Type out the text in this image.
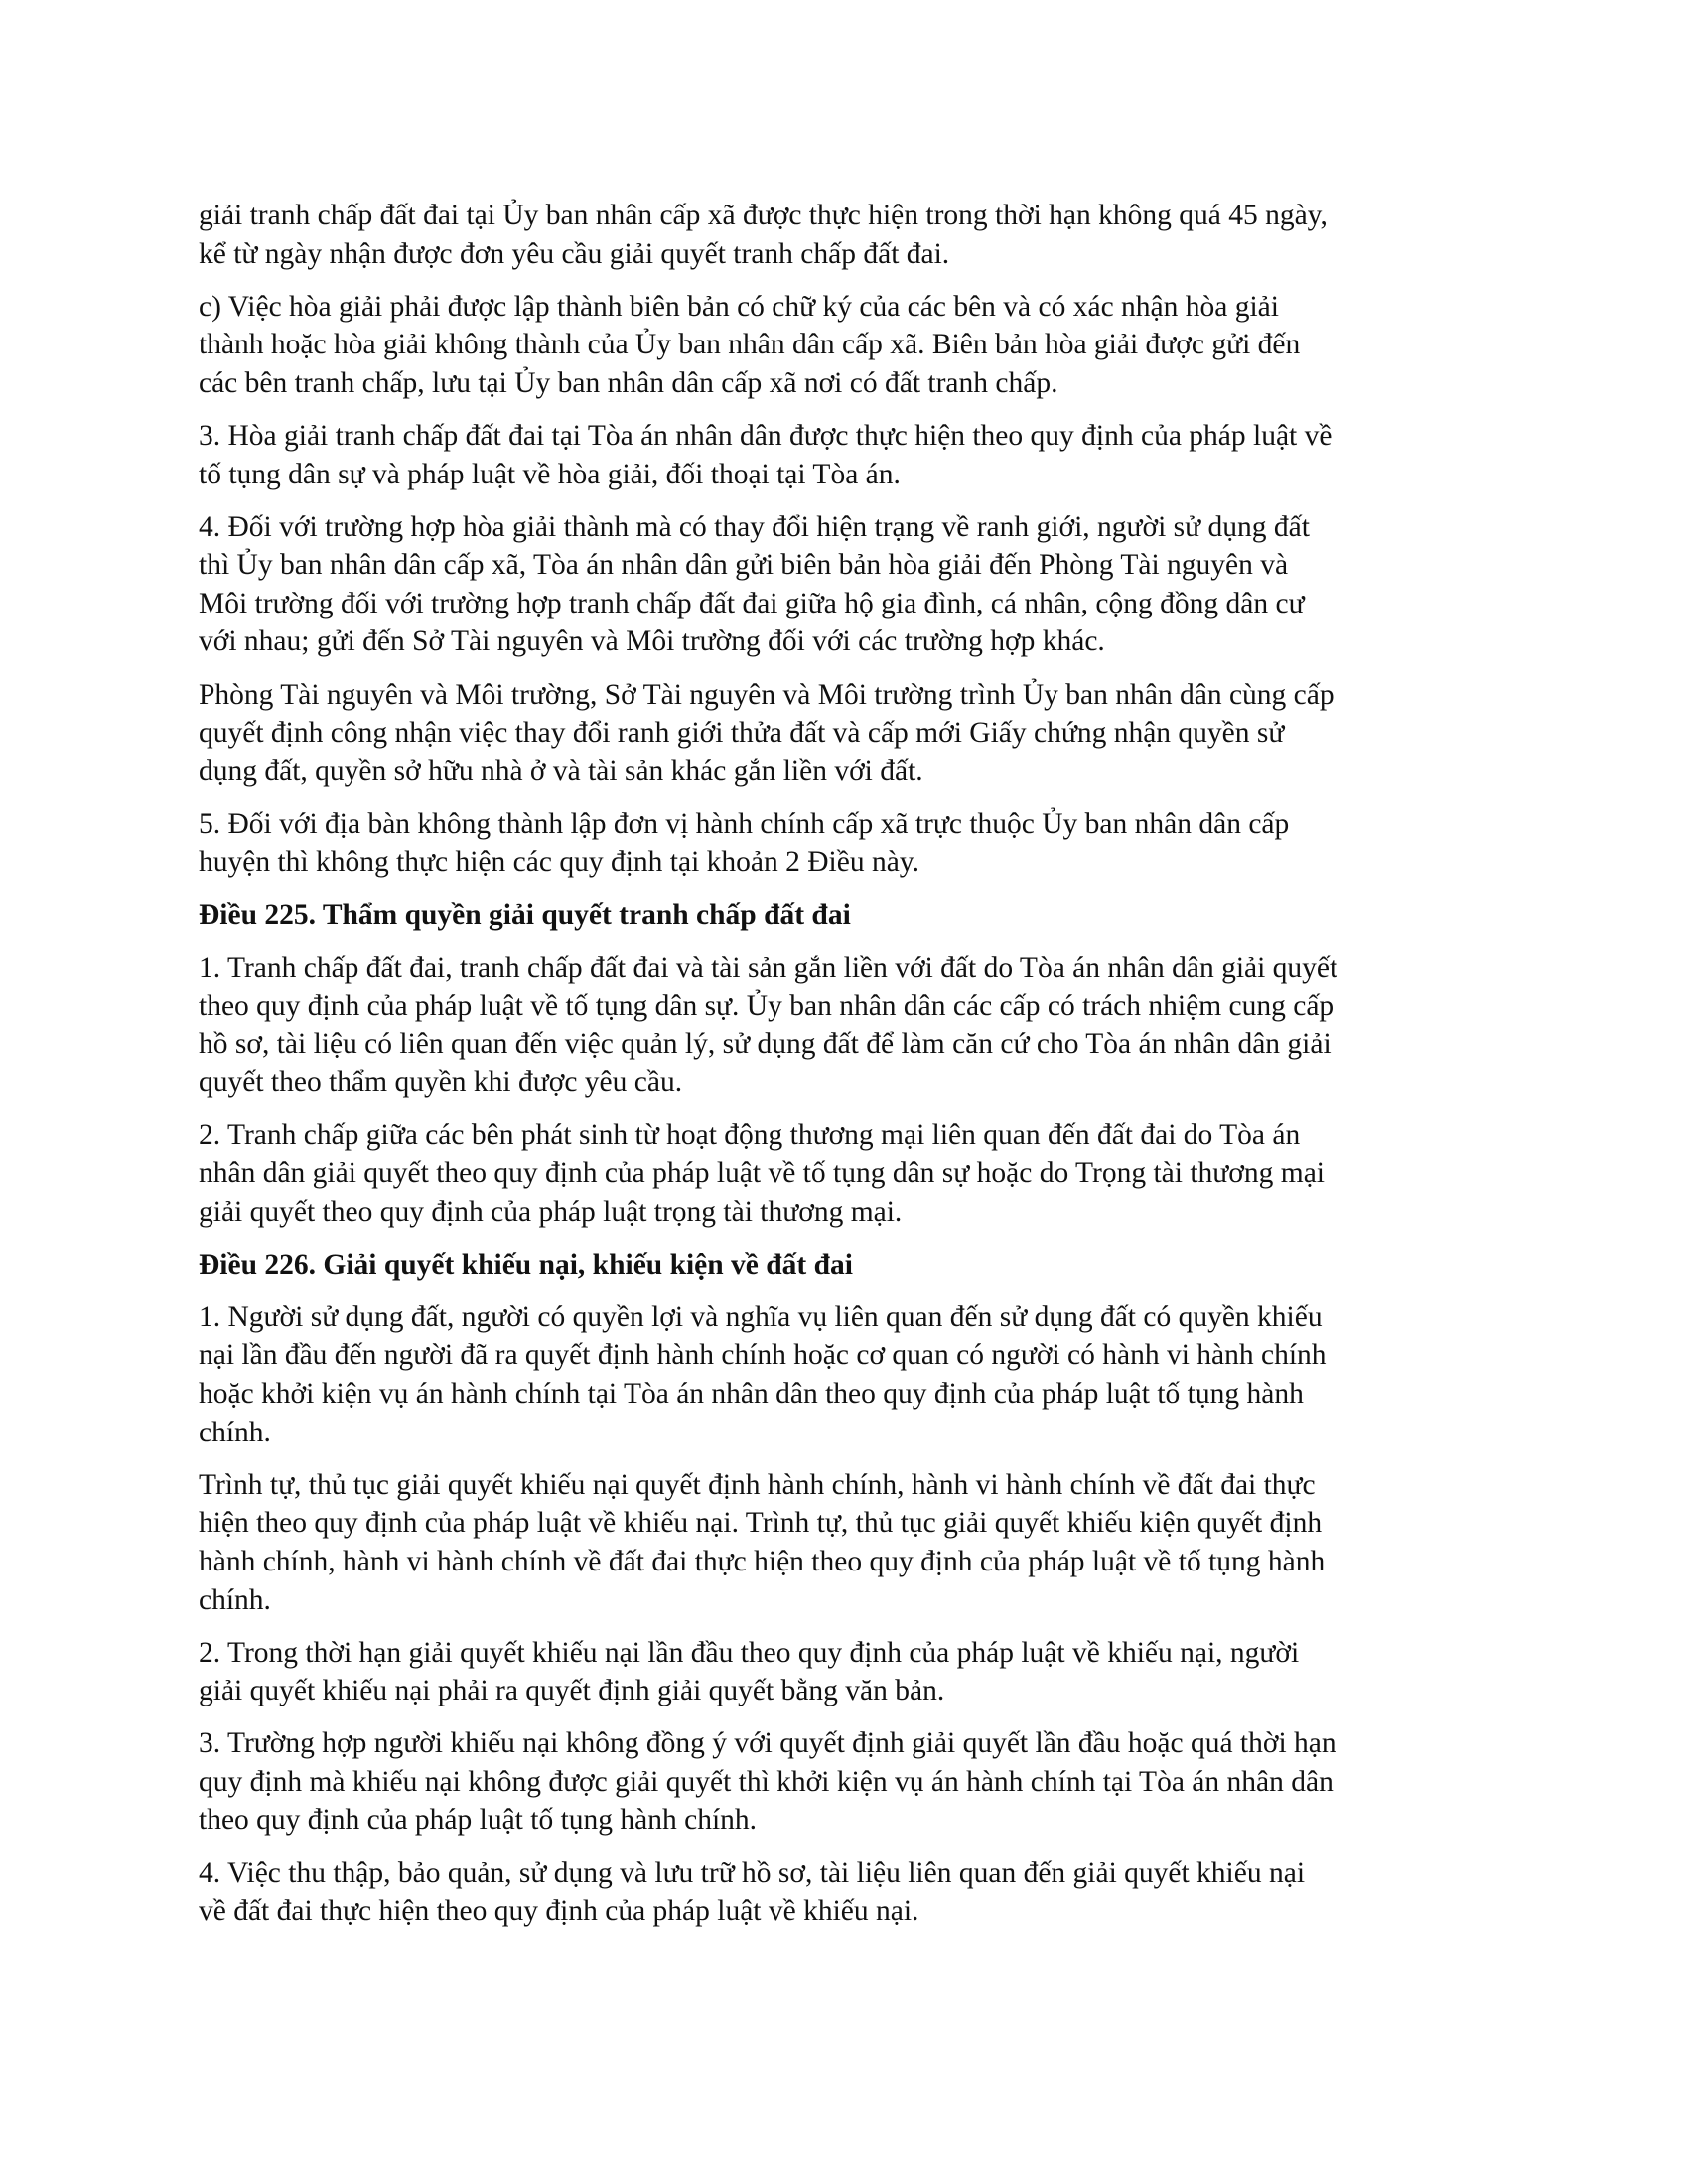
giải tranh chấp đất đai tại Ủy ban nhân cấp xã được thực hiện trong thời hạn không quá 45 ngày,
kể từ ngày nhận được đơn yêu cầu giải quyết tranh chấp đất đai.
c) Việc hòa giải phải được lập thành biên bản có chữ ký của các bên và có xác nhận hòa giải
thành hoặc hòa giải không thành của Ủy ban nhân dân cấp xã. Biên bản hòa giải được gửi đến
các bên tranh chấp, lưu tại Ủy ban nhân dân cấp xã nơi có đất tranh chấp.
3. Hòa giải tranh chấp đất đai tại Tòa án nhân dân được thực hiện theo quy định của pháp luật về
tố tụng dân sự và pháp luật về hòa giải, đối thoại tại Tòa án.
4. Đối với trường hợp hòa giải thành mà có thay đổi hiện trạng về ranh giới, người sử dụng đất
thì Ủy ban nhân dân cấp xã, Tòa án nhân dân gửi biên bản hòa giải đến Phòng Tài nguyên và
Môi trường đối với trường hợp tranh chấp đất đai giữa hộ gia đình, cá nhân, cộng đồng dân cư
với nhau; gửi đến Sở Tài nguyên và Môi trường đối với các trường hợp khác.
Phòng Tài nguyên và Môi trường, Sở Tài nguyên và Môi trường trình Ủy ban nhân dân cùng cấp
quyết định công nhận việc thay đổi ranh giới thửa đất và cấp mới Giấy chứng nhận quyền sử
dụng đất, quyền sở hữu nhà ở và tài sản khác gắn liền với đất.
5. Đối với địa bàn không thành lập đơn vị hành chính cấp xã trực thuộc Ủy ban nhân dân cấp
huyện thì không thực hiện các quy định tại khoản 2 Điều này.
Điều 225. Thẩm quyền giải quyết tranh chấp đất đai
1. Tranh chấp đất đai, tranh chấp đất đai và tài sản gắn liền với đất do Tòa án nhân dân giải quyết
theo quy định của pháp luật về tố tụng dân sự. Ủy ban nhân dân các cấp có trách nhiệm cung cấp
hồ sơ, tài liệu có liên quan đến việc quản lý, sử dụng đất để làm căn cứ cho Tòa án nhân dân giải
quyết theo thẩm quyền khi được yêu cầu.
2. Tranh chấp giữa các bên phát sinh từ hoạt động thương mại liên quan đến đất đai do Tòa án
nhân dân giải quyết theo quy định của pháp luật về tố tụng dân sự hoặc do Trọng tài thương mại
giải quyết theo quy định của pháp luật trọng tài thương mại.
Điều 226. Giải quyết khiếu nại, khiếu kiện về đất đai
1. Người sử dụng đất, người có quyền lợi và nghĩa vụ liên quan đến sử dụng đất có quyền khiếu
nại lần đầu đến người đã ra quyết định hành chính hoặc cơ quan có người có hành vi hành chính
hoặc khởi kiện vụ án hành chính tại Tòa án nhân dân theo quy định của pháp luật tố tụng hành
chính.
Trình tự, thủ tục giải quyết khiếu nại quyết định hành chính, hành vi hành chính về đất đai thực
hiện theo quy định của pháp luật về khiếu nại. Trình tự, thủ tục giải quyết khiếu kiện quyết định
hành chính, hành vi hành chính về đất đai thực hiện theo quy định của pháp luật về tố tụng hành
chính.
2. Trong thời hạn giải quyết khiếu nại lần đầu theo quy định của pháp luật về khiếu nại, người
giải quyết khiếu nại phải ra quyết định giải quyết bằng văn bản.
3. Trường hợp người khiếu nại không đồng ý với quyết định giải quyết lần đầu hoặc quá thời hạn
quy định mà khiếu nại không được giải quyết thì khởi kiện vụ án hành chính tại Tòa án nhân dân
theo quy định của pháp luật tố tụng hành chính.
4. Việc thu thập, bảo quản, sử dụng và lưu trữ hồ sơ, tài liệu liên quan đến giải quyết khiếu nại
về đất đai thực hiện theo quy định của pháp luật về khiếu nại.
